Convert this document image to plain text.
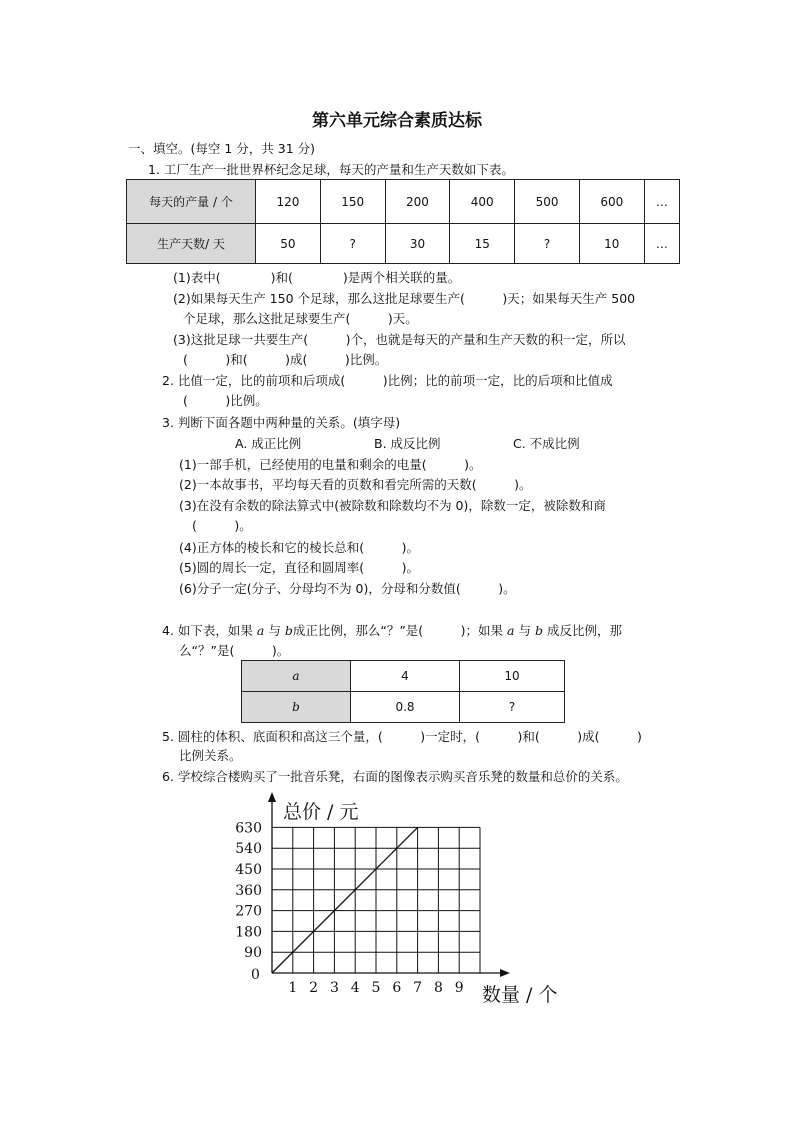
第六单元综合素质达标
一、填空。(每空 1 分，共 31 分)
1. 工厂生产一批世界杯纪念足球，每天的产量和生产天数如下表。
每天的产量 / 个	120	150	200	400	500	600	…
生产天数/ 天	50	?	30	15	?	10	…
(1)表中(　　　　)和(　　　　)是两个相关联的量。
(2)如果每天生产 150 个足球，那么这批足球要生产(　　　)天；如果每天生产 500
个足球，那么这批足球要生产(　　　)天。
(3)这批足球一共要生产(　　　)个，也就是每天的产量和生产天数的积一定，所以
(　　　)和(　　　)成(　　　)比例。
2. 比值一定，比的前项和后项成(　　　)比例；比的前项一定，比的后项和比值成
(　　　)比例。
3. 判断下面各题中两种量的关系。(填字母)
A. 成正比例	B. 成反比例	C. 不成比例
(1)一部手机，已经使用的电量和剩余的电量(　　　)。
(2)一本故事书，平均每天看的页数和看完所需的天数(　　　)。
(3)在没有余数的除法算式中(被除数和除数均不为 0)，除数一定，被除数和商
(　　　)。
(4)正方体的棱长和它的棱长总和(　　　)。
(5)圆的周长一定，直径和圆周率(　　　)。
(6)分子一定(分子、分母均不为 0)，分母和分数值(　　　)。
4. 如下表，如果 a 与 b成正比例，那么“？”是(　　　)；如果 a 与 b 成反比例，那
么“？”是(　　　)。
a	4	10
b	0.8	?
5. 圆柱的体积、底面积和高这三个量，(　　　)一定时，(　　　)和(　　　)成(　　　)
比例关系。
6. 学校综合楼购买了一批音乐凳，右面的图像表示购买音乐凳的数量和总价的关系。
1 2 3 4 5 6 7 8 9
90
180
270
360
450
540
630
总价 / 元
数量 / 个
0
